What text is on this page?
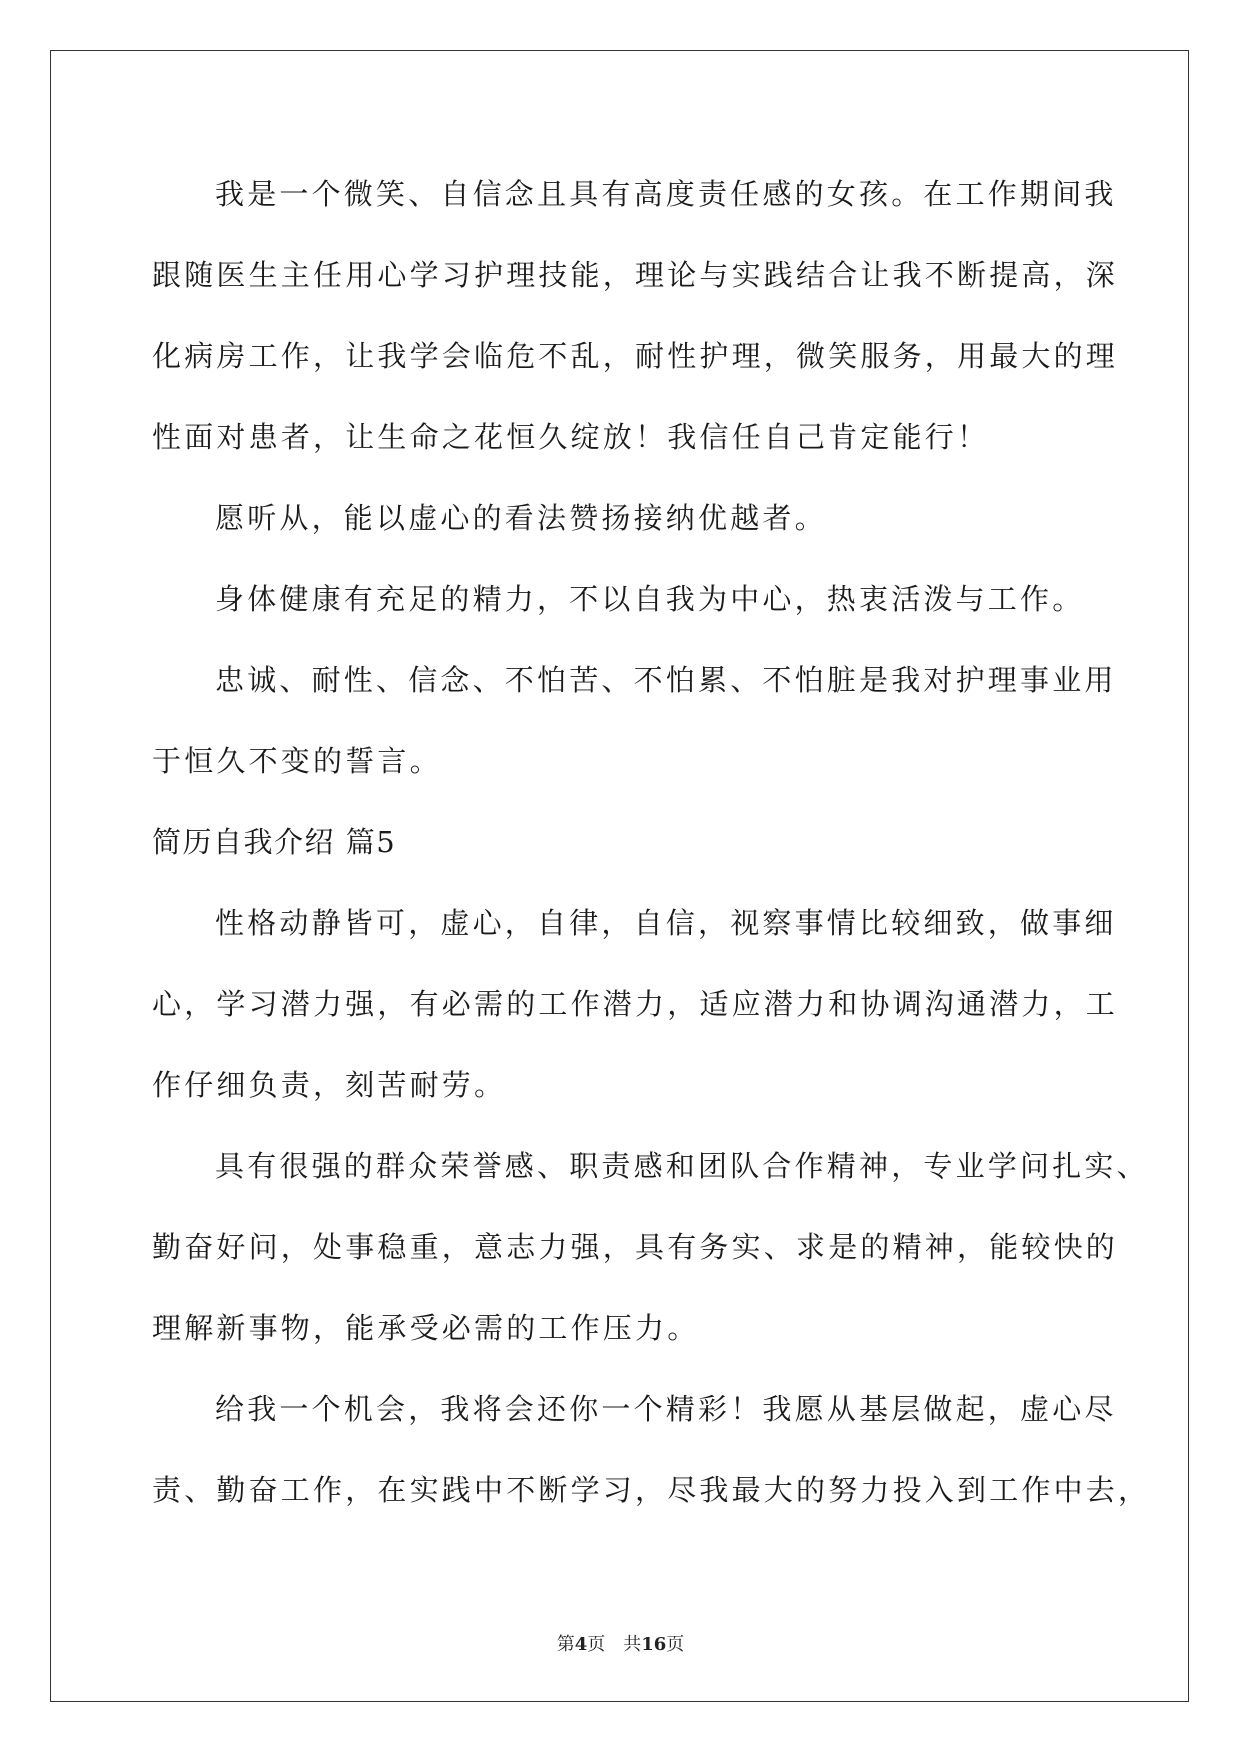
我是一个微笑、自信念且具有高度责任感的女孩。在工作期间我
跟随医生主任用心学习护理技能，理论与实践结合让我不断提高，深
化病房工作，让我学会临危不乱，耐性护理，微笑服务，用最大的理
性面对患者，让生命之花恒久绽放！我信任自己肯定能行！
愿听从，能以虚心的看法赞扬接纳优越者。
身体健康有充足的精力，不以自我为中心，热衷活泼与工作。
忠诚、耐性、信念、不怕苦、不怕累、不怕脏是我对护理事业用
于恒久不变的誓言。
简历自我介绍 篇5
性格动静皆可，虚心，自律，自信，视察事情比较细致，做事细
心，学习潜力强，有必需的工作潜力，适应潜力和协调沟通潜力，工
作仔细负责，刻苦耐劳。
具有很强的群众荣誉感、职责感和团队合作精神，专业学问扎实、
勤奋好问，处事稳重，意志力强，具有务实、求是的精神，能较快的
理解新事物，能承受必需的工作压力。
给我一个机会，我将会还你一个精彩！我愿从基层做起，虚心尽
责、勤奋工作，在实践中不断学习，尽我最大的努力投入到工作中去，
第4页 共16页
